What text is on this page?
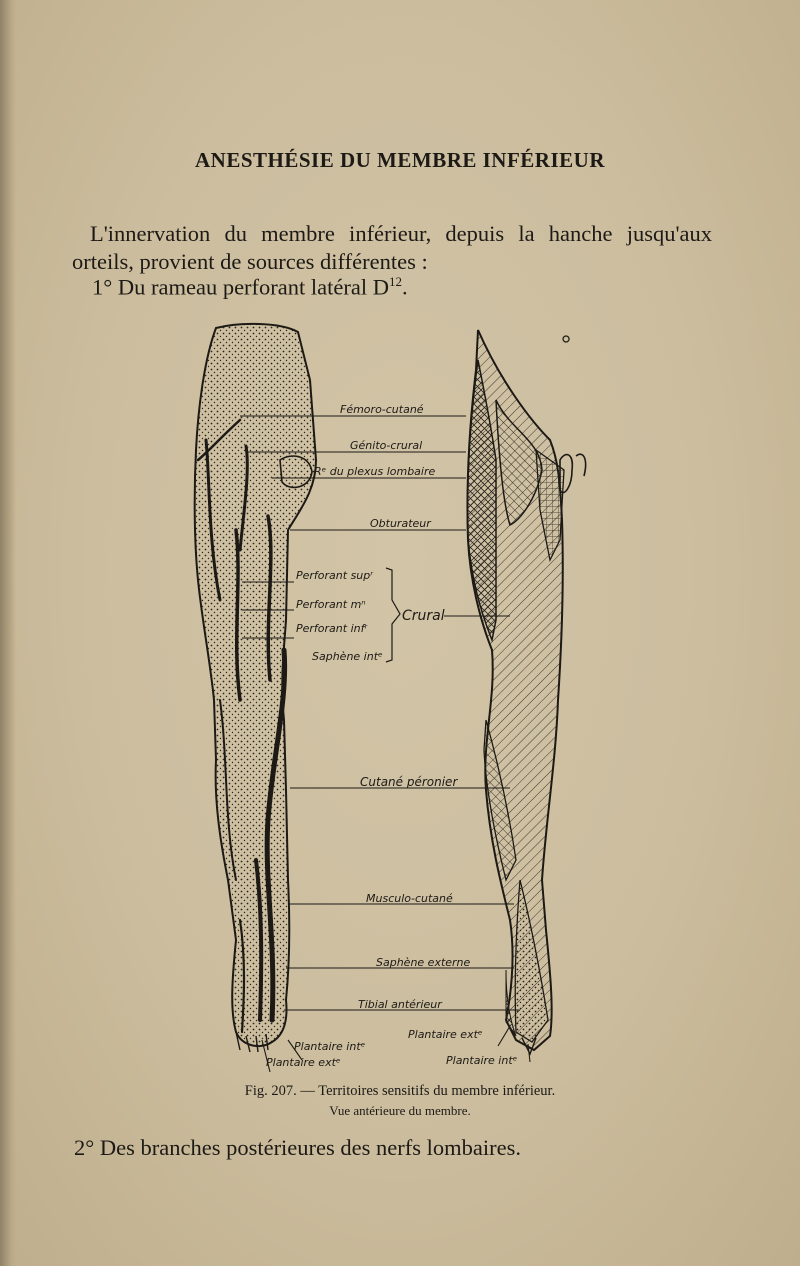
ANESTHÉSIE DU MEMBRE INFÉRIEUR
L'innervation du membre inférieur, depuis la hanche jusqu'aux orteils, provient de sources différentes :
1° Du rameau perforant latéral $D^{12}$.
Fémoro-cutané
Génito-crural
Rᵉ du plexus lombaire
Obturateur
Perforant supʳ
Perforant mⁿ
Perforant infʳ
Saphène intᵉ
Crural
Cutané péronier
Musculo-cutané
Saphène externe
Tibial antérieur
Plantaire intᵉ
Plantaire extᵉ
Plantaire extᵉ
Plantaire intᵉ
Fig. 207. — Territoires sensitifs du membre inférieur.
Vue antérieure du membre.
2° Des branches postérieures des nerfs lombaires.
